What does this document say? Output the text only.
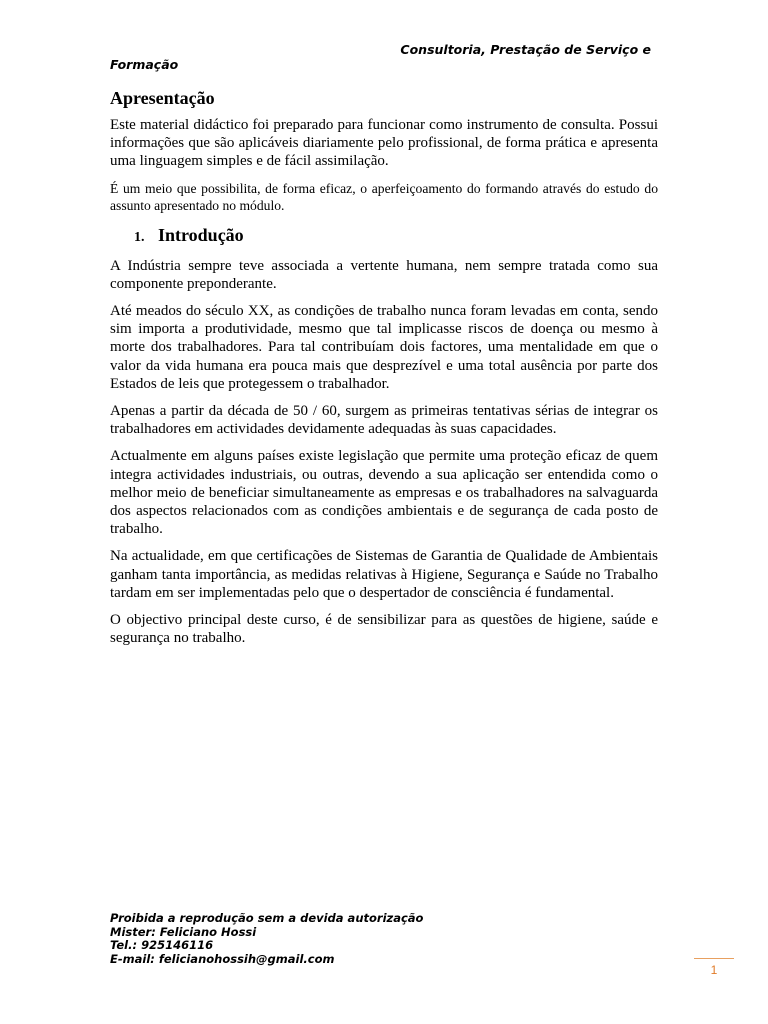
Consultoria, Prestação de Serviço e
Formação
Apresentação

Este material didáctico foi preparado para funcionar como instrumento de consulta. Possui informações que são aplicáveis diariamente pelo profissional, de forma prática e apresenta uma linguagem simples e de fácil assimilação.

É um meio que possibilita, de forma eficaz, o aperfeiçoamento do formando através do estudo do assunto apresentado no módulo.

1. Introdução

A Indústria sempre teve associada a vertente humana, nem sempre tratada como sua componente preponderante.

Até meados do século XX, as condições de trabalho nunca foram levadas em conta, sendo sim importa a produtividade, mesmo que tal implicasse riscos de doença ou mesmo à morte dos trabalhadores. Para tal contribuíam dois factores, uma mentalidade em que o valor da vida humana era pouca mais que desprezível e uma total ausência por parte dos Estados de leis que protegessem o trabalhador.

Apenas a partir da década de 50 / 60, surgem as primeiras tentativas sérias de integrar os trabalhadores em actividades devidamente adequadas às suas capacidades.

Actualmente em alguns países existe legislação que permite uma proteção eficaz de quem integra actividades industriais, ou outras, devendo a sua aplicação ser entendida como o melhor meio de beneficiar simultaneamente as empresas e os trabalhadores na salvaguarda dos aspectos relacionados com as condições ambientais e de segurança de cada posto de trabalho.

Na actualidade, em que certificações de Sistemas de Garantia de Qualidade de Ambientais ganham tanta importância, as medidas relativas à Higiene, Segurança e Saúde no Trabalho tardam em ser implementadas pelo que o despertador de consciência é fundamental.

O objectivo principal deste curso, é de sensibilizar para as questões de higiene, saúde e segurança no trabalho.

Proibida a reprodução sem a devida autorização
Mister: Feliciano Hossi
Tel.: 925146116
E-mail: felicianohossih@gmail.com
1
